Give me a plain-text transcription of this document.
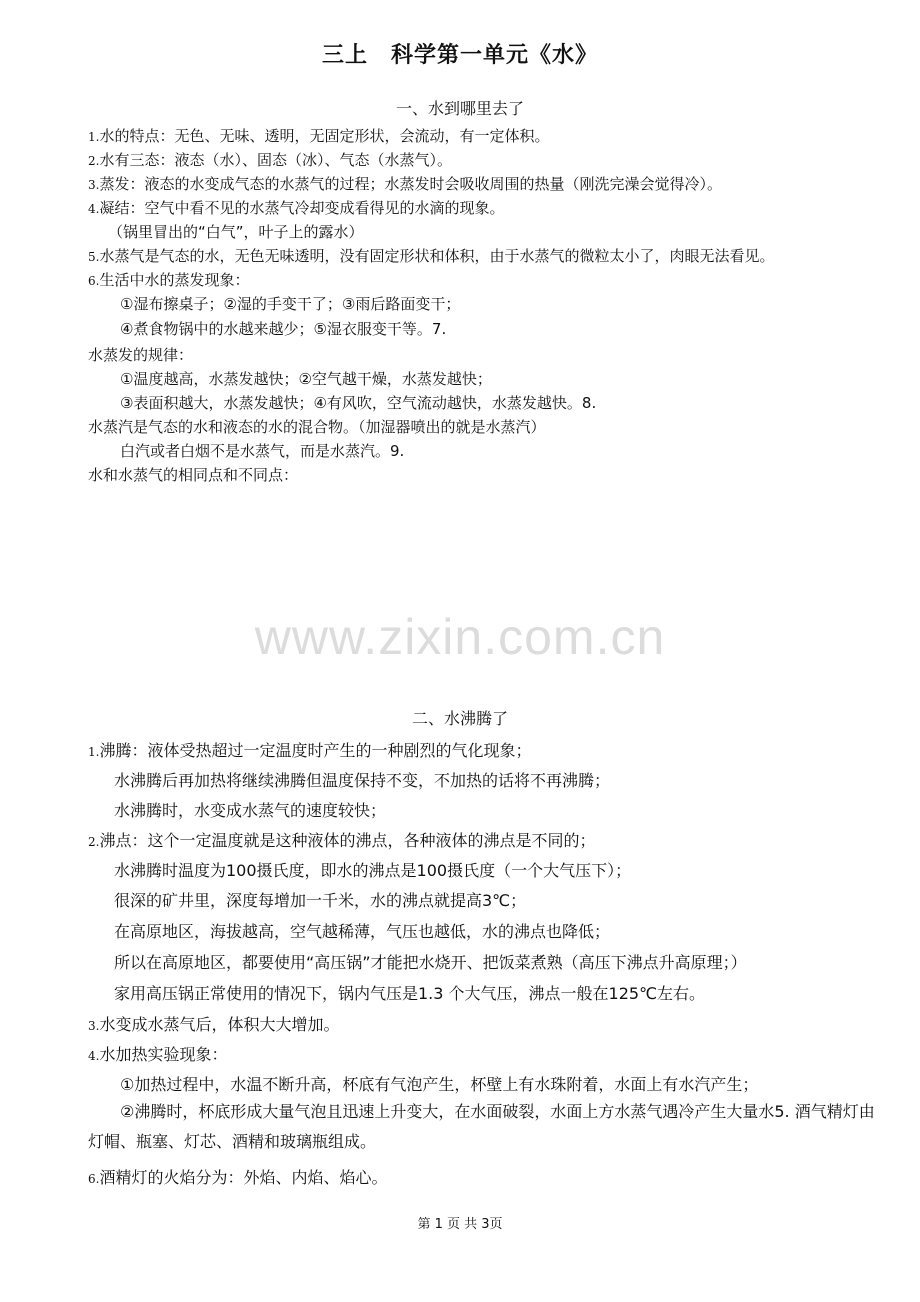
三上　科学第一单元《水》
一、水到哪里去了
1.水的特点：无色、无味、透明，无固定形状，会流动，有一定体积。
2.水有三态：液态（水）、固态（冰）、气态（水蒸气）。
3.蒸发：液态的水变成气态的水蒸气的过程；水蒸发时会吸收周围的热量（刚洗完澡会觉得冷）。
4.凝结：空气中看不见的水蒸气冷却变成看得见的水滴的现象。
（锅里冒出的“白气”，叶子上的露水）
5.水蒸气是气态的水，无色无味透明，没有固定形状和体积，由于水蒸气的微粒太小了，肉眼无法看见。
6.生活中水的蒸发现象：
①湿布擦桌子；②湿的手变干了；③雨后路面变干；
④煮食物锅中的水越来越少；⑤湿衣服变干等。7.
水蒸发的规律：
①温度越高，水蒸发越快；②空气越干燥，水蒸发越快；
③表面积越大，水蒸发越快；④有风吹，空气流动越快，水蒸发越快。8.
水蒸汽是气态的水和液态的水的混合物。（加湿器喷出的就是水蒸汽）
白汽或者白烟不是水蒸气，而是水蒸汽。9.
水和水蒸气的相同点和不同点：
www.zixin.com.cn
二、水沸腾了
1.沸腾：液体受热超过一定温度时产生的一种剧烈的气化现象；
水沸腾后再加热将继续沸腾但温度保持不变，不加热的话将不再沸腾；
水沸腾时，水变成水蒸气的速度较快；
2.沸点：这个一定温度就是这种液体的沸点，各种液体的沸点是不同的；
水沸腾时温度为100摄氏度，即水的沸点是100摄氏度（一个大气压下）；
很深的矿井里，深度每增加一千米，水的沸点就提高3℃；
在高原地区，海拔越高，空气越稀薄，气压也越低，水的沸点也降低；
所以在高原地区，都要使用“高压锅”才能把水烧开、把饭菜煮熟（高压下沸点升高原理；）
家用高压锅正常使用的情况下，锅内气压是1.3 个大气压，沸点一般在125℃左右。
3.水变成水蒸气后，体积大大增加。
4.水加热实验现象：
①加热过程中，水温不断升高，杯底有气泡产生，杯壁上有水珠附着，水面上有水汽产生；
②沸腾时，杯底形成大量气泡且迅速上升变大，在水面破裂，水面上方水蒸气遇冷产生大量水5. 酒气精灯由灯帽、瓶塞、灯芯、酒精和玻璃瓶组成。
6.酒精灯的火焰分为：外焰、内焰、焰心。
第 1 页 共 3页
